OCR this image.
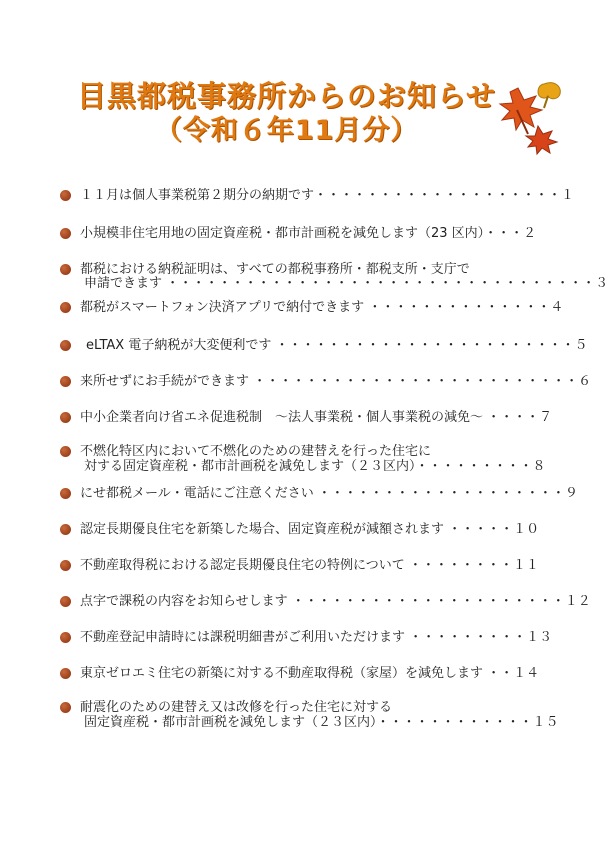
目黒都税事務所からのお知らせ
（令和６年11月分）
１１月は個人事業税第２期分の納期です・・・・・・・・・・・・・・・・・・・１
小規模非住宅用地の固定資産税・都市計画税を減免します（23 区内）・・・２
都税における納税証明は、すべての都税事務所・都税支所・支庁で
申請できます ・・・・・・・・・・・・・・・・・・・・・・・・・・・・・・・・・３
都税がスマートフォン決済アプリで納付できます ・・・・・・・・・・・・・・４
eLTAX 電子納税が大変便利です ・・・・・・・・・・・・・・・・・・・・・・・５
来所せずにお手続ができます ・・・・・・・・・・・・・・・・・・・・・・・・・６
中小企業者向け省エネ促進税制　～法人事業税・個人事業税の減免～ ・・・・７
不燃化特区内において不燃化のための建替えを行った住宅に
対する固定資産税・都市計画税を減免します（２３区内）・・・・・・・・・８
にせ都税メール・電話にご注意ください ・・・・・・・・・・・・・・・・・・・９
認定長期優良住宅を新築した場合、固定資産税が減額されます ・・・・・１０
不動産取得税における認定長期優良住宅の特例について ・・・・・・・・１１
点字で課税の内容をお知らせします ・・・・・・・・・・・・・・・・・・・・・１２
不動産登記申請時には課税明細書がご利用いただけます ・・・・・・・・・１３
東京ゼロエミ住宅の新築に対する不動産取得税（家屋）を減免します ・・１４
耐震化のための建替え又は改修を行った住宅に対する
固定資産税・都市計画税を減免します（２３区内）・・・・・・・・・・・・１５
